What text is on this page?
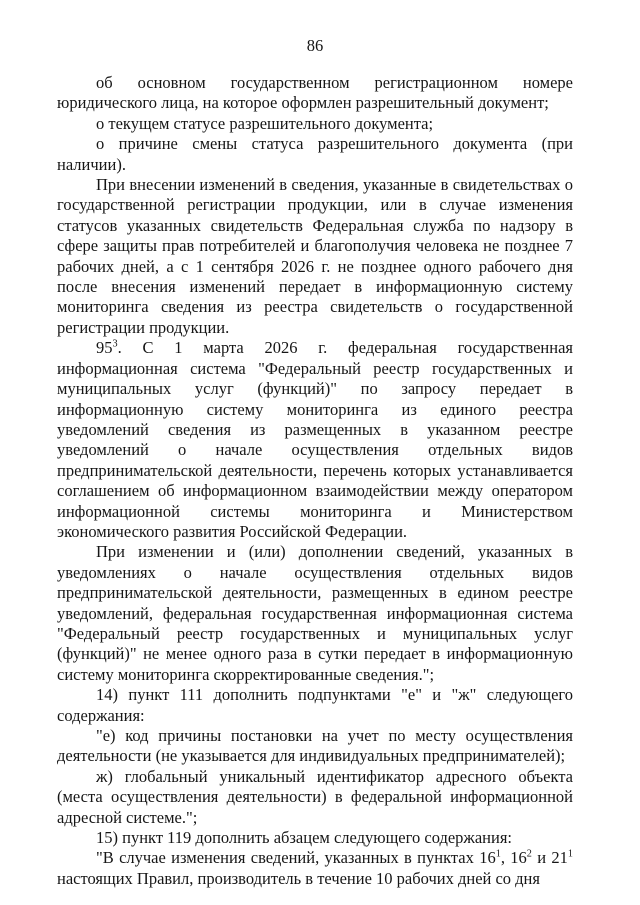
86

об основном государственном регистрационном номере юридического лица, на которое оформлен разрешительный документ;

о текущем статусе разрешительного документа;

о причине смены статуса разрешительного документа (при наличии).

При внесении изменений в сведения, указанные в свидетельствах о государственной регистрации продукции, или в случае изменения статусов указанных свидетельств Федеральная служба по надзору в сфере защиты прав потребителей и благополучия человека не позднее 7 рабочих дней, а с 1 сентября 2026 г. не позднее одного рабочего дня после внесения изменений передает в информационную систему мониторинга сведения из реестра свидетельств о государственной регистрации продукции.

$95^3$. С 1 марта 2026 г. федеральная государственная информационная система "Федеральный реестр государственных и муниципальных услуг (функций)" по запросу передает в информационную систему мониторинга из единого реестра уведомлений сведения из размещенных в указанном реестре уведомлений о начале осуществления отдельных видов предпринимательской деятельности, перечень которых устанавливается соглашением об информационном взаимодействии между оператором информационной системы мониторинга и Министерством экономического развития Российской Федерации.

При изменении и (или) дополнении сведений, указанных в уведомлениях о начале осуществления отдельных видов предпринимательской деятельности, размещенных в едином реестре уведомлений, федеральная государственная информационная система "Федеральный реестр государственных и муниципальных услуг (функций)" не менее одного раза в сутки передает в информационную систему мониторинга скорректированные сведения.";

14) пункт 111 дополнить подпунктами "е" и "ж" следующего содержания:

"е) код причины постановки на учет по месту осуществления деятельности (не указывается для индивидуальных предпринимателей);

ж) глобальный уникальный идентификатор адресного объекта (места осуществления деятельности) в федеральной информационной адресной системе.";

15) пункт 119 дополнить абзацем следующего содержания:

"В случае изменения сведений, указанных в пунктах $16^1$, $16^2$ и $21^1$ настоящих Правил, производитель в течение 10 рабочих дней со дня
